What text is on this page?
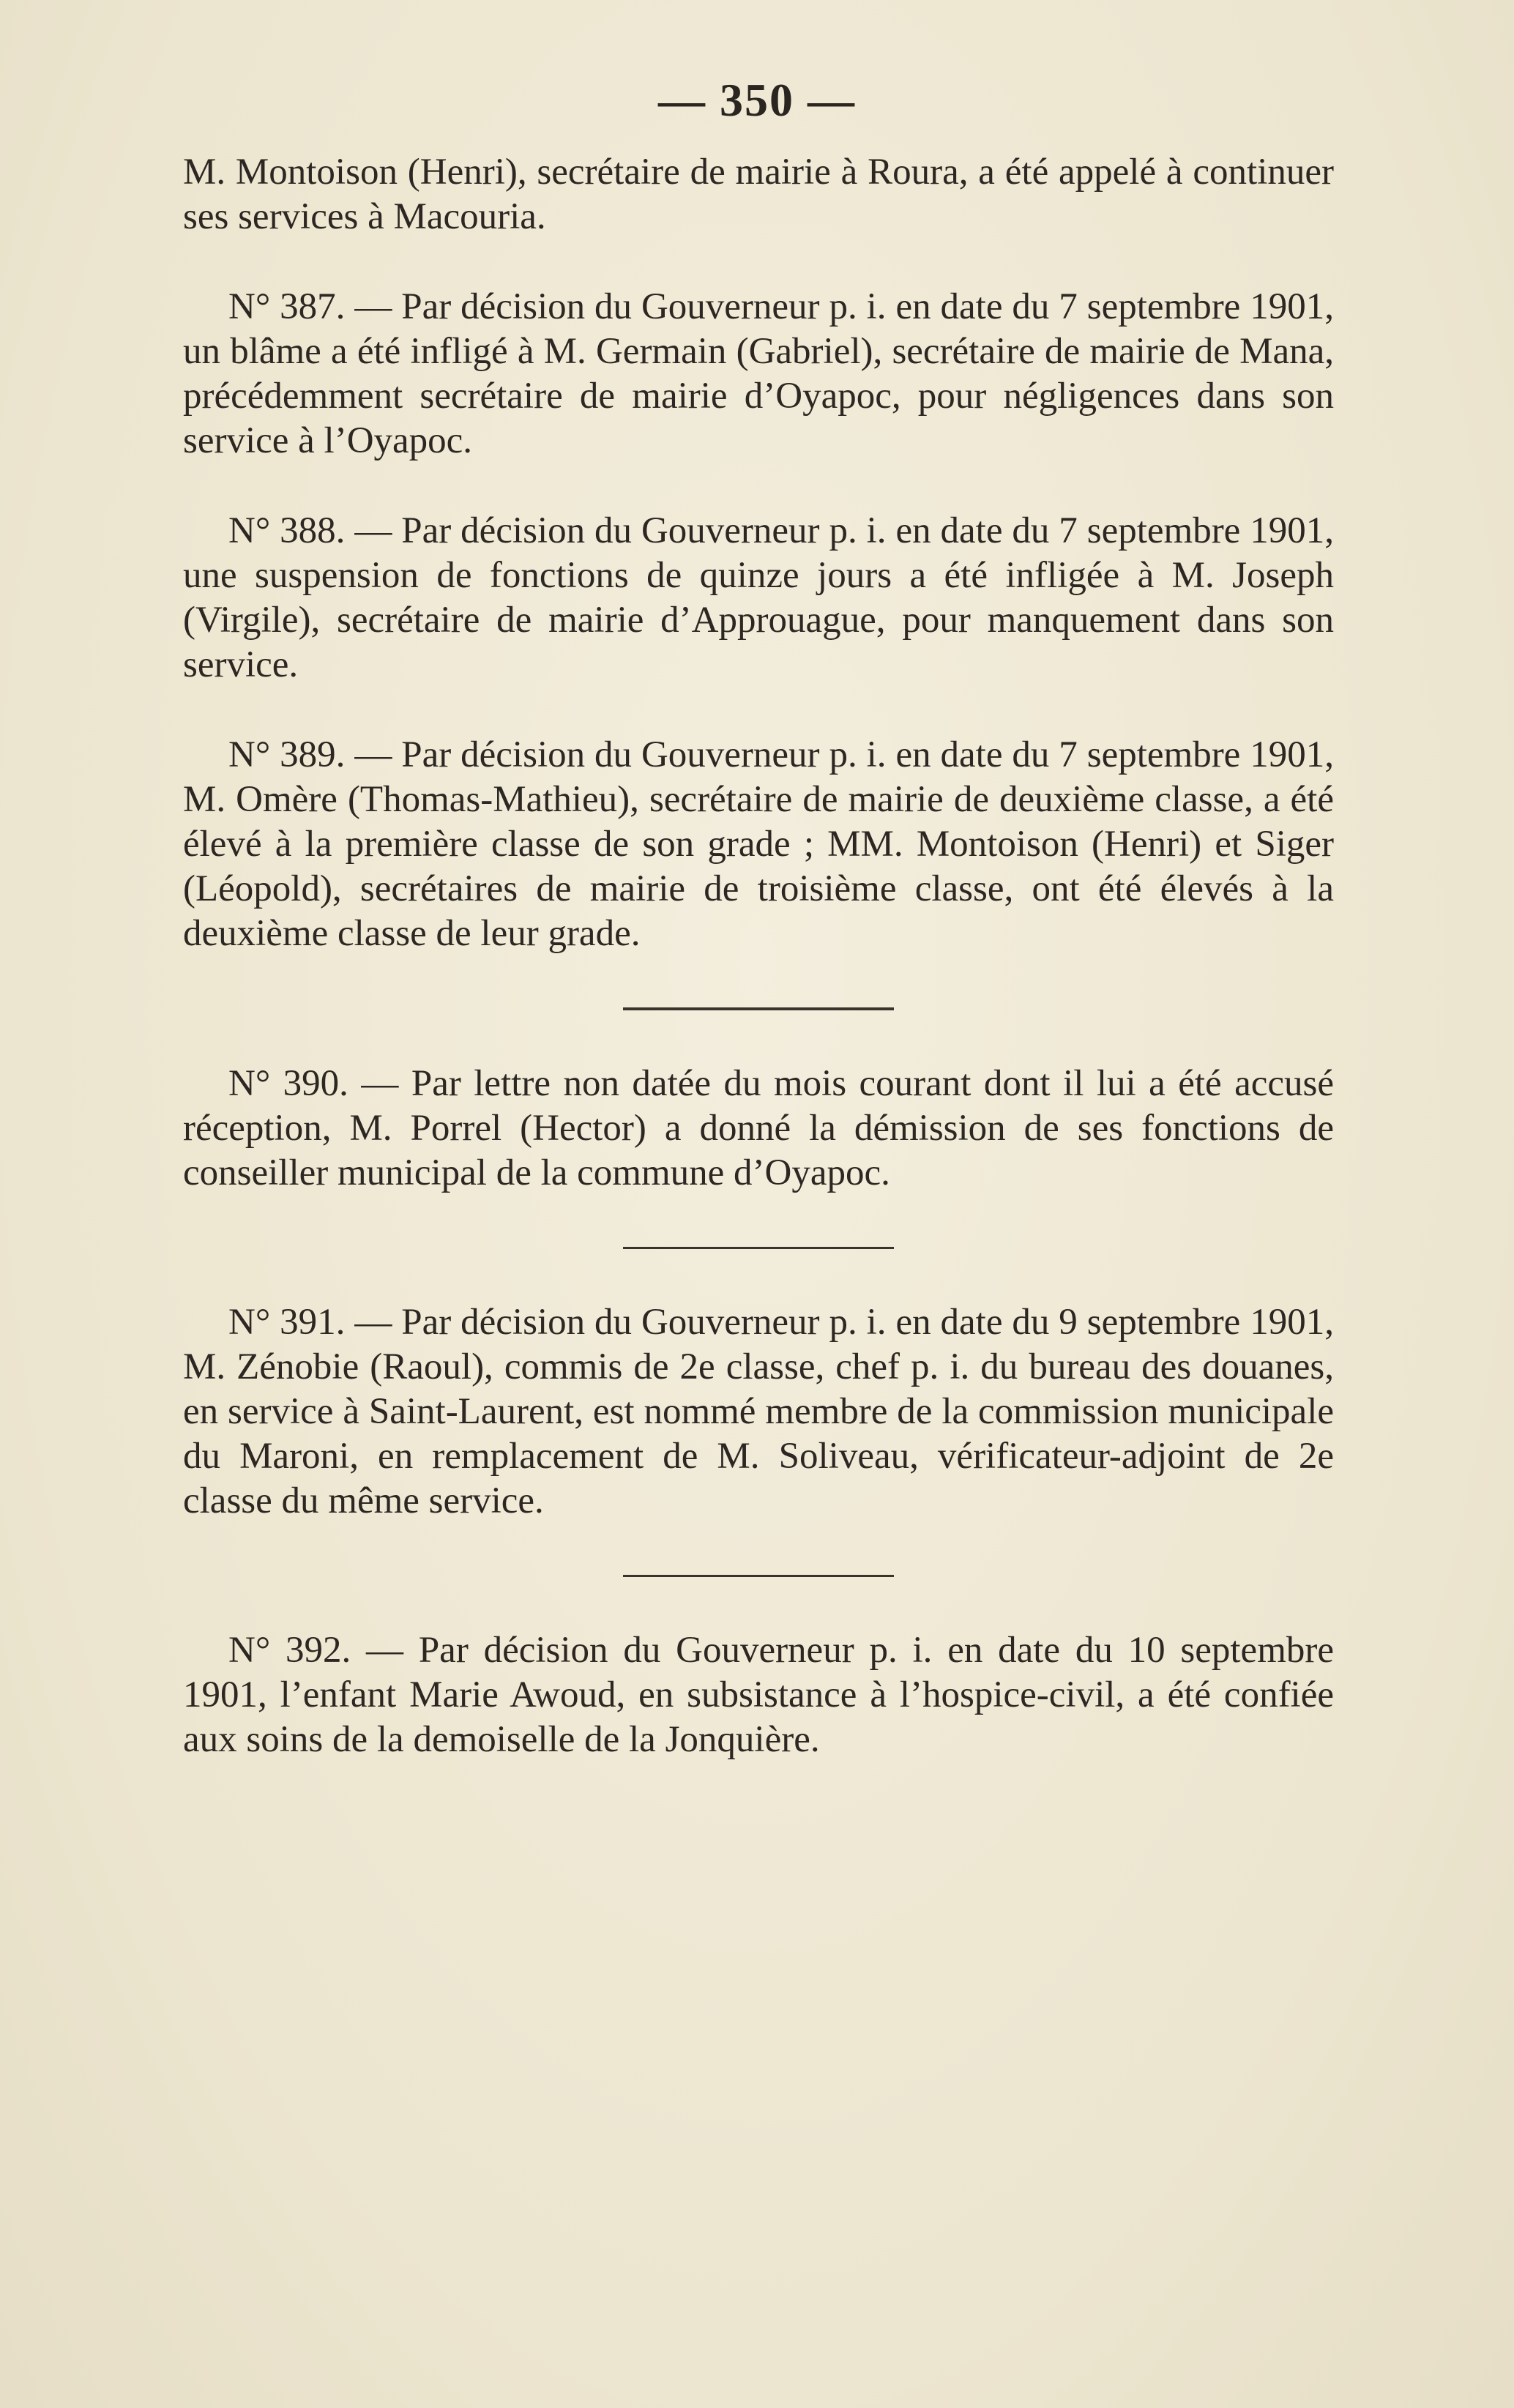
— 350 —

M. Montoison (Henri), secrétaire de mairie à Roura, a été appelé à continuer ses services à Macouria.

N° 387. — Par décision du Gouverneur p. i. en date du 7 septembre 1901, un blâme a été infligé à M. Germain (Gabriel), secrétaire de mairie de Mana, précédemment secrétaire de mairie d’Oyapoc, pour négligences dans son service à l’Oyapoc.

N° 388. — Par décision du Gouverneur p. i. en date du 7 septembre 1901, une suspension de fonctions de quinze jours a été infligée à M. Joseph (Virgile), secrétaire de mairie d’Approuague, pour manquement dans son service.

N° 389. — Par décision du Gouverneur p. i. en date du 7 septembre 1901, M. Omère (Thomas-Mathieu), secrétaire de mairie de deuxième classe, a été élevé à la première classe de son grade ; MM. Montoison (Henri) et Siger (Léopold), secrétaires de mairie de troisième classe, ont été élevés à la deuxième classe de leur grade.

N° 390. — Par lettre non datée du mois courant dont il lui a été accusé réception, M. Porrel (Hector) a donné la démission de ses fonctions de conseiller municipal de la commune d’Oyapoc.

N° 391. — Par décision du Gouverneur p. i. en date du 9 septembre 1901, M. Zénobie (Raoul), commis de 2e classe, chef p. i. du bureau des douanes, en service à Saint-Laurent, est nommé membre de la commission municipale du Maroni, en remplacement de M. Soliveau, vérificateur-adjoint de 2e classe du même service.

N° 392. — Par décision du Gouverneur p. i. en date du 10 septembre 1901, l’enfant Marie Awoud, en subsistance à l’hospice-civil, a été confiée aux soins de la demoiselle de la Jonquière.
